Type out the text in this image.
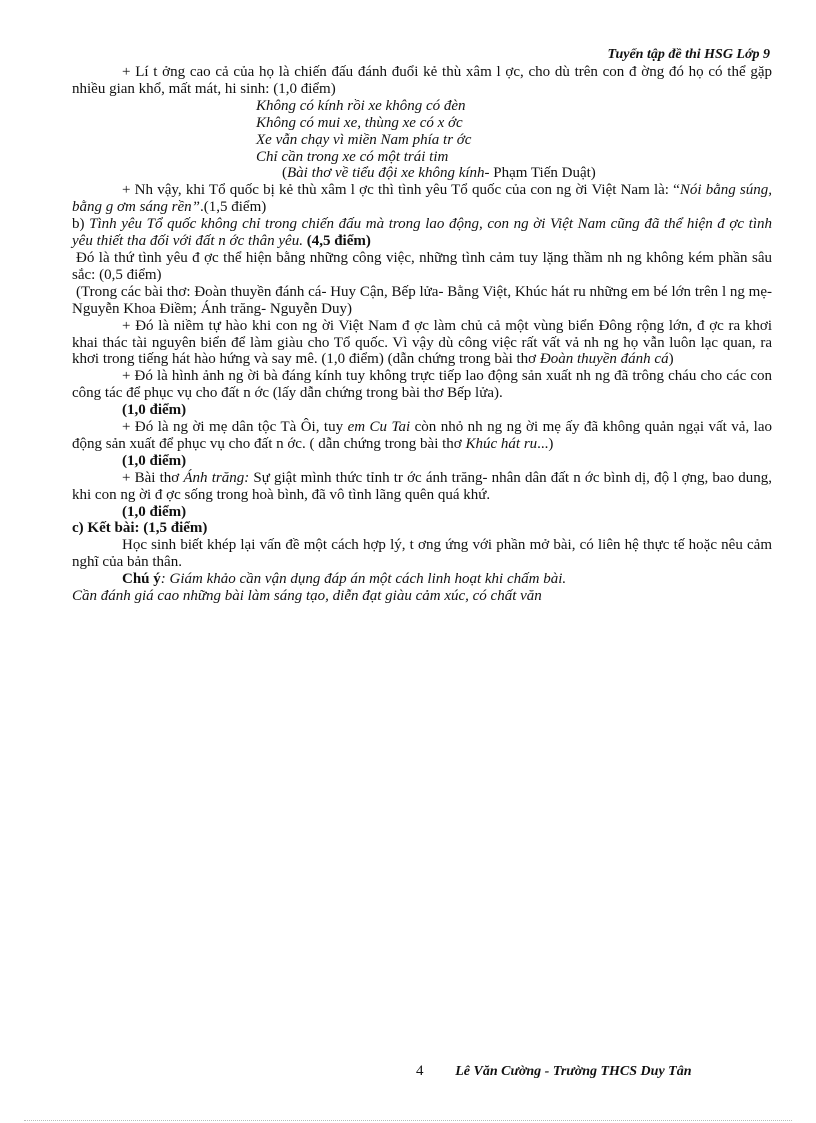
Tuyển tập đề thi HSG Lớp 9

+ Lí t ởng cao cả của họ là chiến đấu đánh đuổi kẻ thù xâm l ợc, cho dù trên con đ ờng đó họ có thể gặp nhiều gian khổ, mất mát, hi sinh: (1,0 điểm)

Không có kính rồi xe không có đèn

Không có mui xe, thùng xe có x ớc

Xe vẫn chạy vì miền Nam phía tr ớc

Chỉ cần trong xe có một trái tim

(Bài thơ về tiểu đội xe không kính- Phạm Tiến Duật)

+ Nh vậy, khi Tổ quốc bị kẻ thù xâm l ợc thì tình yêu Tổ quốc của con ng ời Việt Nam là: “Nói bằng súng, bằng g ơm sáng rền”.(1,5 điểm)

b) Tình yêu Tổ quốc không chỉ trong chiến đấu mà trong lao động, con ng ời Việt Nam cũng đã thể hiện đ ợc tình yêu thiết tha đối với đất n ớc thân yêu. (4,5 điểm)

Đó là thứ tình yêu đ ợc thể hiện bằng những công việc, những tình cảm tuy lặng thầm nh ng không kém phần sâu sắc: (0,5 điểm)

(Trong các bài thơ: Đoàn thuyền đánh cá- Huy Cận, Bếp lửa- Bằng Việt, Khúc hát ru những em bé lớn trên l ng mẹ- Nguyễn Khoa Điềm; Ánh trăng- Nguyễn Duy)

+ Đó là niềm tự hào khi con ng ời Việt Nam đ ợc làm chủ cả một vùng biển Đông rộng lớn, đ ợc ra khơi khai thác tài nguyên biển để làm giàu cho Tổ quốc. Vì vậy dù công việc rất vất vả nh ng họ vẫn luôn lạc quan, ra khơi trong tiếng hát hào hứng và say mê. (1,0 điểm) (dẫn chứng trong bài thơ Đoàn thuyền đánh cá)

+ Đó là hình ảnh ng ời bà đáng kính tuy không trực tiếp lao động sản xuất nh ng đã trông cháu cho các con công tác để phục vụ cho đất n ớc (lấy dẫn chứng trong bài thơ Bếp lửa).

(1,0 điểm)

+ Đó là ng ời mẹ dân tộc Tà Ôi, tuy em Cu Tai còn nhỏ nh ng ng ời mẹ ấy đã không quản ngại vất vả, lao động sản xuất để phục vụ cho đất n ớc. ( dẫn chứng trong bài thơ Khúc hát ru...)

(1,0 điểm)

+ Bài thơ Ánh trăng: Sự giật mình thức tỉnh tr ớc ánh trăng- nhân dân đất n ớc bình dị, độ l ợng, bao dung, khi con ng ời đ ợc sống trong hoà bình, đã vô tình lãng quên quá khứ.

(1,0 điểm)

c) Kết bài: (1,5 điểm)

Học sinh biết khép lại vấn đề một cách hợp lý, t ơng ứng với phần mở bài, có liên hệ thực tế hoặc nêu cảm nghĩ của bản thân.

Chú ý: Giám khảo cần vận dụng đáp án một cách linh hoạt khi chấm bài.

Cần đánh giá cao những bài làm sáng tạo, diễn đạt giàu cảm xúc, có chất văn

4 Lê Văn Cường - Trường THCS Duy Tân
